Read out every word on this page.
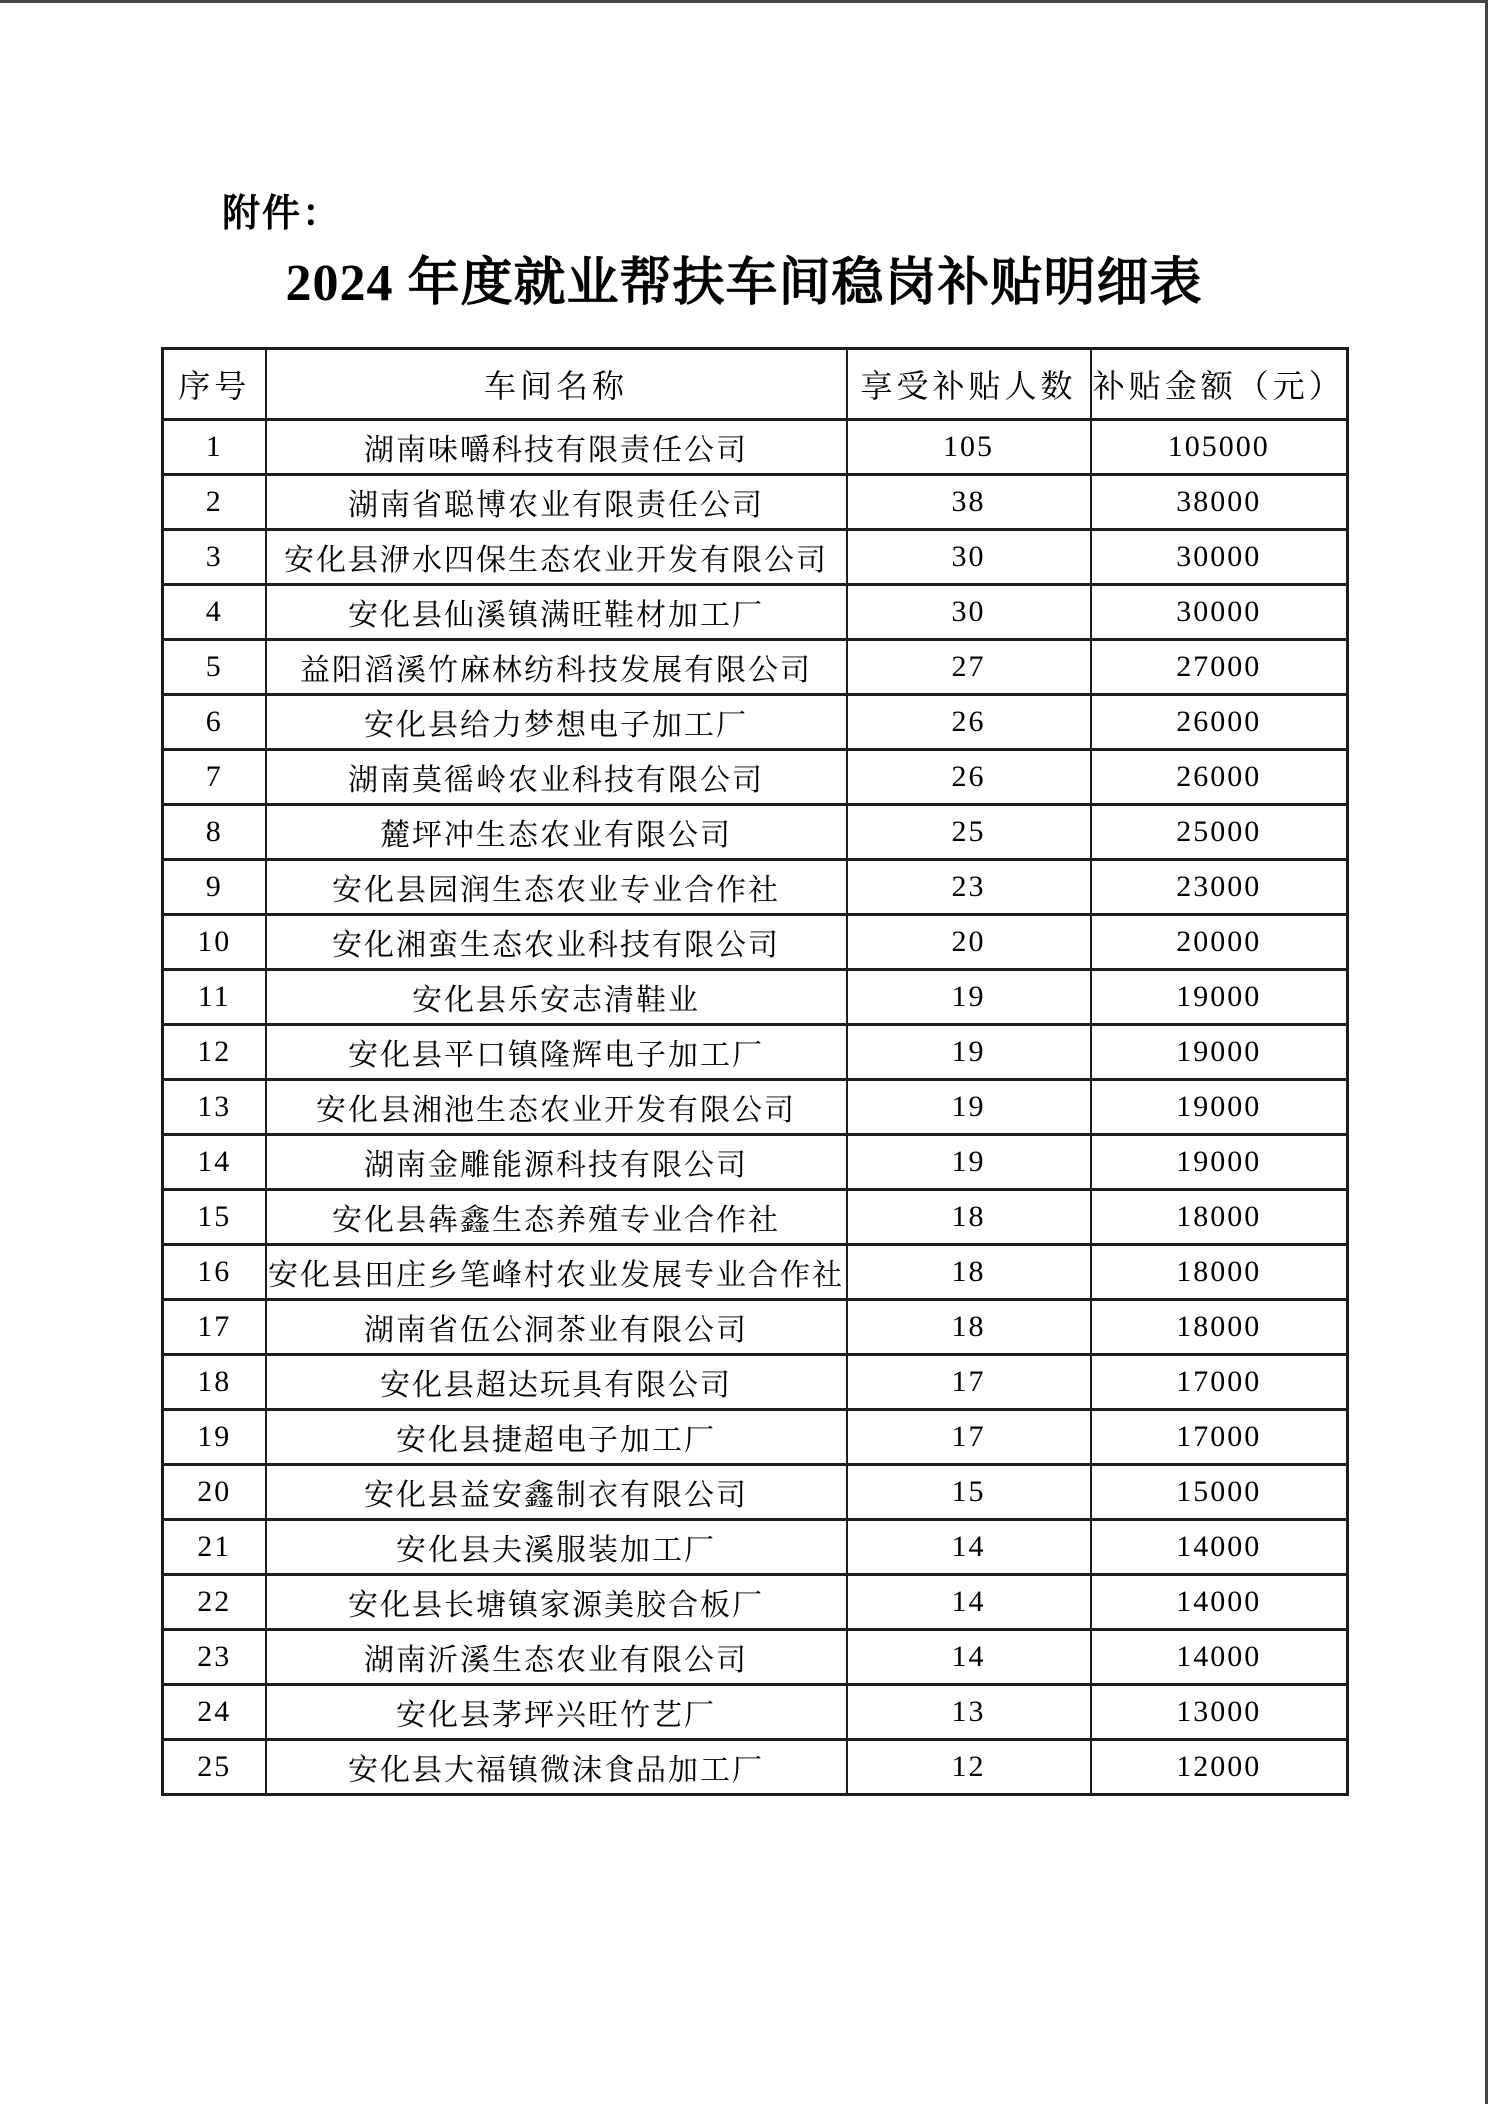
附件：
2024 年度就业帮扶车间稳岗补贴明细表
序号	车间名称	享受补贴人数	补贴金额（元）
1	湖南味嚼科技有限责任公司	105	105000
2	湖南省聪博农业有限责任公司	38	38000
3	安化县洢水四保生态农业开发有限公司	30	30000
4	安化县仙溪镇满旺鞋材加工厂	30	30000
5	益阳滔溪竹麻林纺科技发展有限公司	27	27000
6	安化县给力梦想电子加工厂	26	26000
7	湖南莫徭岭农业科技有限公司	26	26000
8	麓坪冲生态农业有限公司	25	25000
9	安化县园润生态农业专业合作社	23	23000
10	安化湘蛮生态农业科技有限公司	20	20000
11	安化县乐安志清鞋业	19	19000
12	安化县平口镇隆辉电子加工厂	19	19000
13	安化县湘池生态农业开发有限公司	19	19000
14	湖南金雕能源科技有限公司	19	19000
15	安化县犇鑫生态养殖专业合作社	18	18000
16	安化县田庄乡笔峰村农业发展专业合作社	18	18000
17	湖南省伍公洞茶业有限公司	18	18000
18	安化县超达玩具有限公司	17	17000
19	安化县捷超电子加工厂	17	17000
20	安化县益安鑫制衣有限公司	15	15000
21	安化县夫溪服装加工厂	14	14000
22	安化县长塘镇家源美胶合板厂	14	14000
23	湖南沂溪生态农业有限公司	14	14000
24	安化县茅坪兴旺竹艺厂	13	13000
25	安化县大福镇微沫食品加工厂	12	12000
